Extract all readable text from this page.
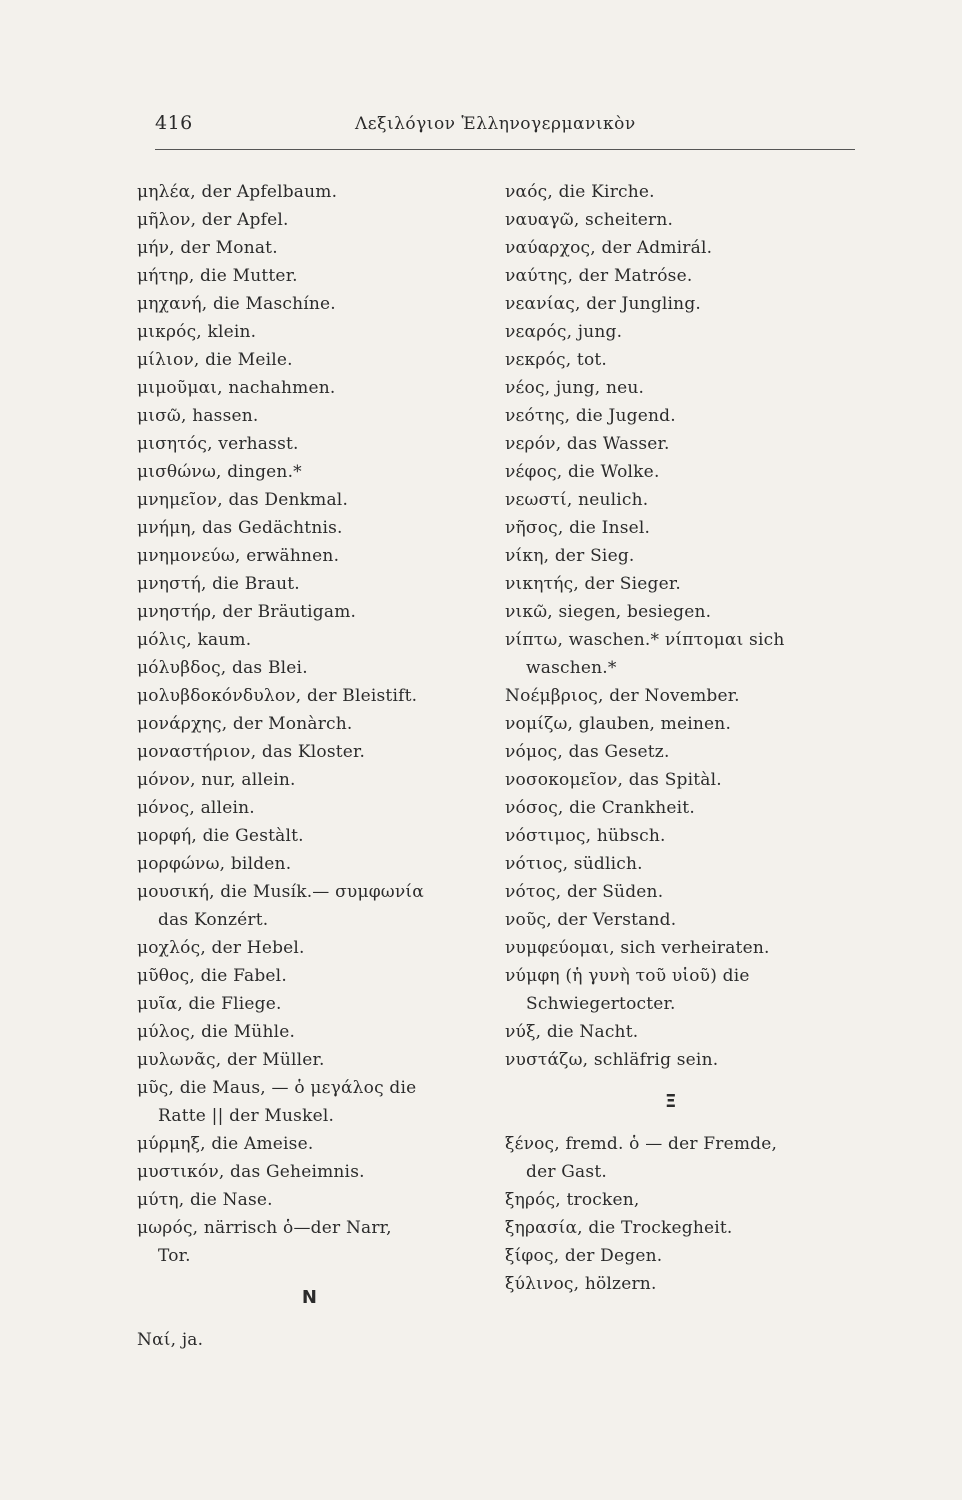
416	Λεξιλόγιον Ἑλληνογερμανικὸν
μηλέα, der Apfelbaum.
μῆλον, der Apfel.
μήν, der Monat.
μήτηρ, die Mutter.
μηχανή, die Maschíne.
μικρός, klein.
μίλιον, die Meile.
μιμοῦμαι, nachahmen.
μισῶ, hassen.
μισητός, verhasst.
μισθώνω, dingen.*
μνημεῖον, das Denkmal.
μνήμη, das Gedächtnis.
μνημονεύω, erwähnen.
μνηστή, die Braut.
μνηστήρ, der Bräutigam.
μόλις, kaum.
μόλυβδος, das Blei.
μολυβδοκόνδυλον, der Bleistift.
μονάρχης, der Monàrch.
μοναστήριον, das Kloster.
μόνον, nur, allein.
μόνος, allein.
μορφή, die Gestàlt.
μορφώνω, bilden.
μουσική, die Musík.— συμφωνία
das Konzért.
μοχλός, der Hebel.
μῦθος, die Fabel.
μυῖα, die Fliege.
μύλος, die Mühle.
μυλωνᾶς, der Müller.
μῦς, die Maus, — ὁ μεγάλος die
Ratte || der Muskel.
μύρμηξ, die Ameise.
μυστικόν, das Geheimnis.
μύτη, die Nase.
μωρός, närrisch ὁ—der Narr,
Tor.
N
Ναί, ja.
ναός, die Kirche.
ναυαγῶ, scheitern.
ναύαρχος, der Admirál.
ναύτης, der Matróse.
νεανίας, der Jungling.
νεαρός, jung.
νεκρός, tot.
νέος, jung, neu.
νεότης, die Jugend.
νερόν, das Wasser.
νέφος, die Wolke.
νεωστί, neulich.
νῆσος, die Insel.
νίκη, der Sieg.
νικητής, der Sieger.
νικῶ, siegen, besiegen.
νίπτω, waschen.* νίπτομαι sich
waschen.*
Νοέμβριος, der November.
νομίζω, glauben, meinen.
νόμος, das Gesetz.
νοσοκομεῖον, das Spitàl.
νόσος, die Crankheit.
νόστιμος, hübsch.
νότιος, südlich.
νότος, der Süden.
νοῦς, der Verstand.
νυμφεύομαι, sich verheiraten.
νύμφη (ἡ γυνὴ τοῦ υἱοῦ) die
Schwiegertocter.
νύξ, die Nacht.
νυστάζω, schläfrig sein.
Ξ
ξένος, fremd. ὁ — der Fremde,
der Gast.
ξηρός, trocken,
ξηρασία, die Trockegheit.
ξίφος, der Degen.
ξύλινος, hölzern.
